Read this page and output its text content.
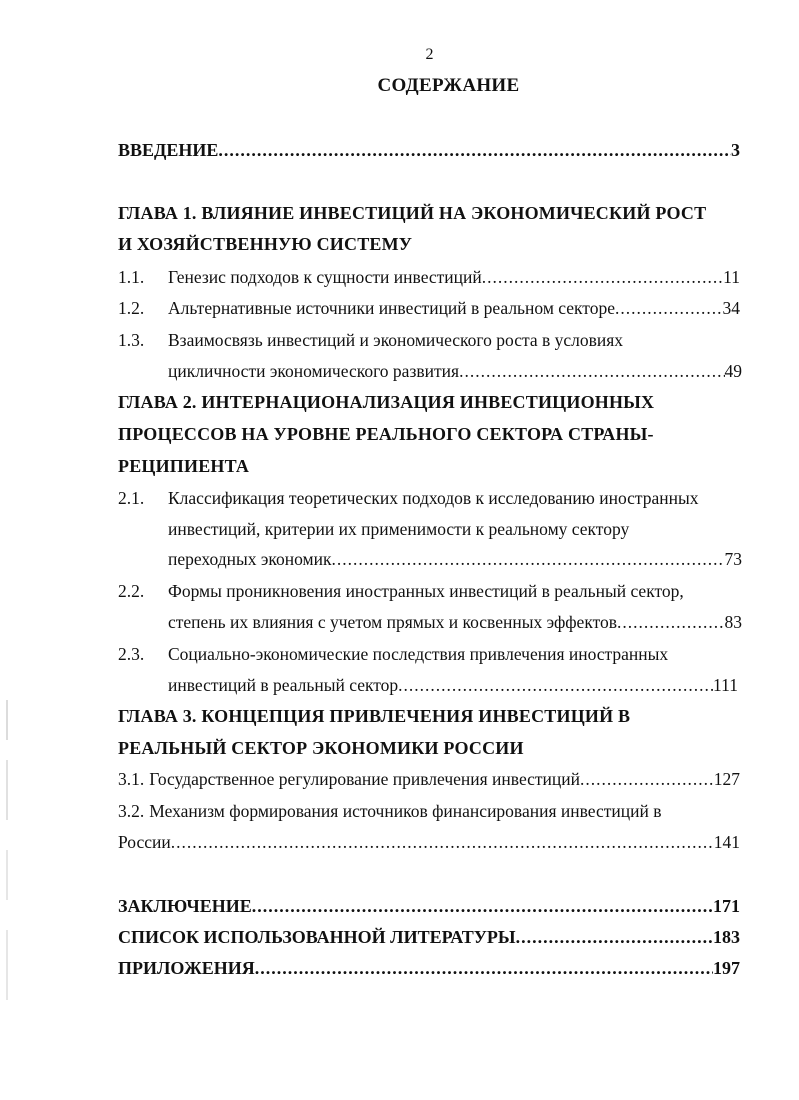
2
СОДЕРЖАНИЕ
ВВЕДЕНИЕ .....	3
ГЛАВА 1. ВЛИЯНИЕ ИНВЕСТИЦИЙ НА ЭКОНОМИЧЕСКИЙ РОСТ
И ХОЗЯЙСТВЕННУЮ СИСТЕМУ
1.1.	Генезис подходов к сущности инвестиций .....	11
1.2.	Альтернативные источники инвестиций в реальном секторе .....	34
1.3.	Взаимосвязь инвестиций и экономического роста в условиях
цикличности экономического развития .....	49
ГЛАВА 2. ИНТЕРНАЦИОНАЛИЗАЦИЯ ИНВЕСТИЦИОННЫХ
ПРОЦЕССОВ НА УРОВНЕ РЕАЛЬНОГО СЕКТОРА СТРАНЫ-
РЕЦИПИЕНТА
2.1.	Классификация теоретических подходов к исследованию иностранных
инвестиций, критерии их применимости к реальному сектору
переходных экономик .....	73
2.2.	Формы проникновения иностранных инвестиций в реальный сектор,
степень их влияния с учетом прямых и косвенных эффектов .....	83
2.3.	Социально-экономические последствия привлечения иностранных
инвестиций в реальный сектор .....	111
ГЛАВА 3. КОНЦЕПЦИЯ ПРИВЛЕЧЕНИЯ ИНВЕСТИЦИЙ В
РЕАЛЬНЫЙ СЕКТОР ЭКОНОМИКИ РОССИИ
3.1. Государственное регулирование привлечения инвестиций .....	127
3.2. Механизм формирования источников финансирования инвестиций в
России .....	141
ЗАКЛЮЧЕНИЕ .....	171
СПИСОК ИСПОЛЬЗОВАННОЙ ЛИТЕРАТУРЫ .....	183
ПРИЛОЖЕНИЯ .....	197
